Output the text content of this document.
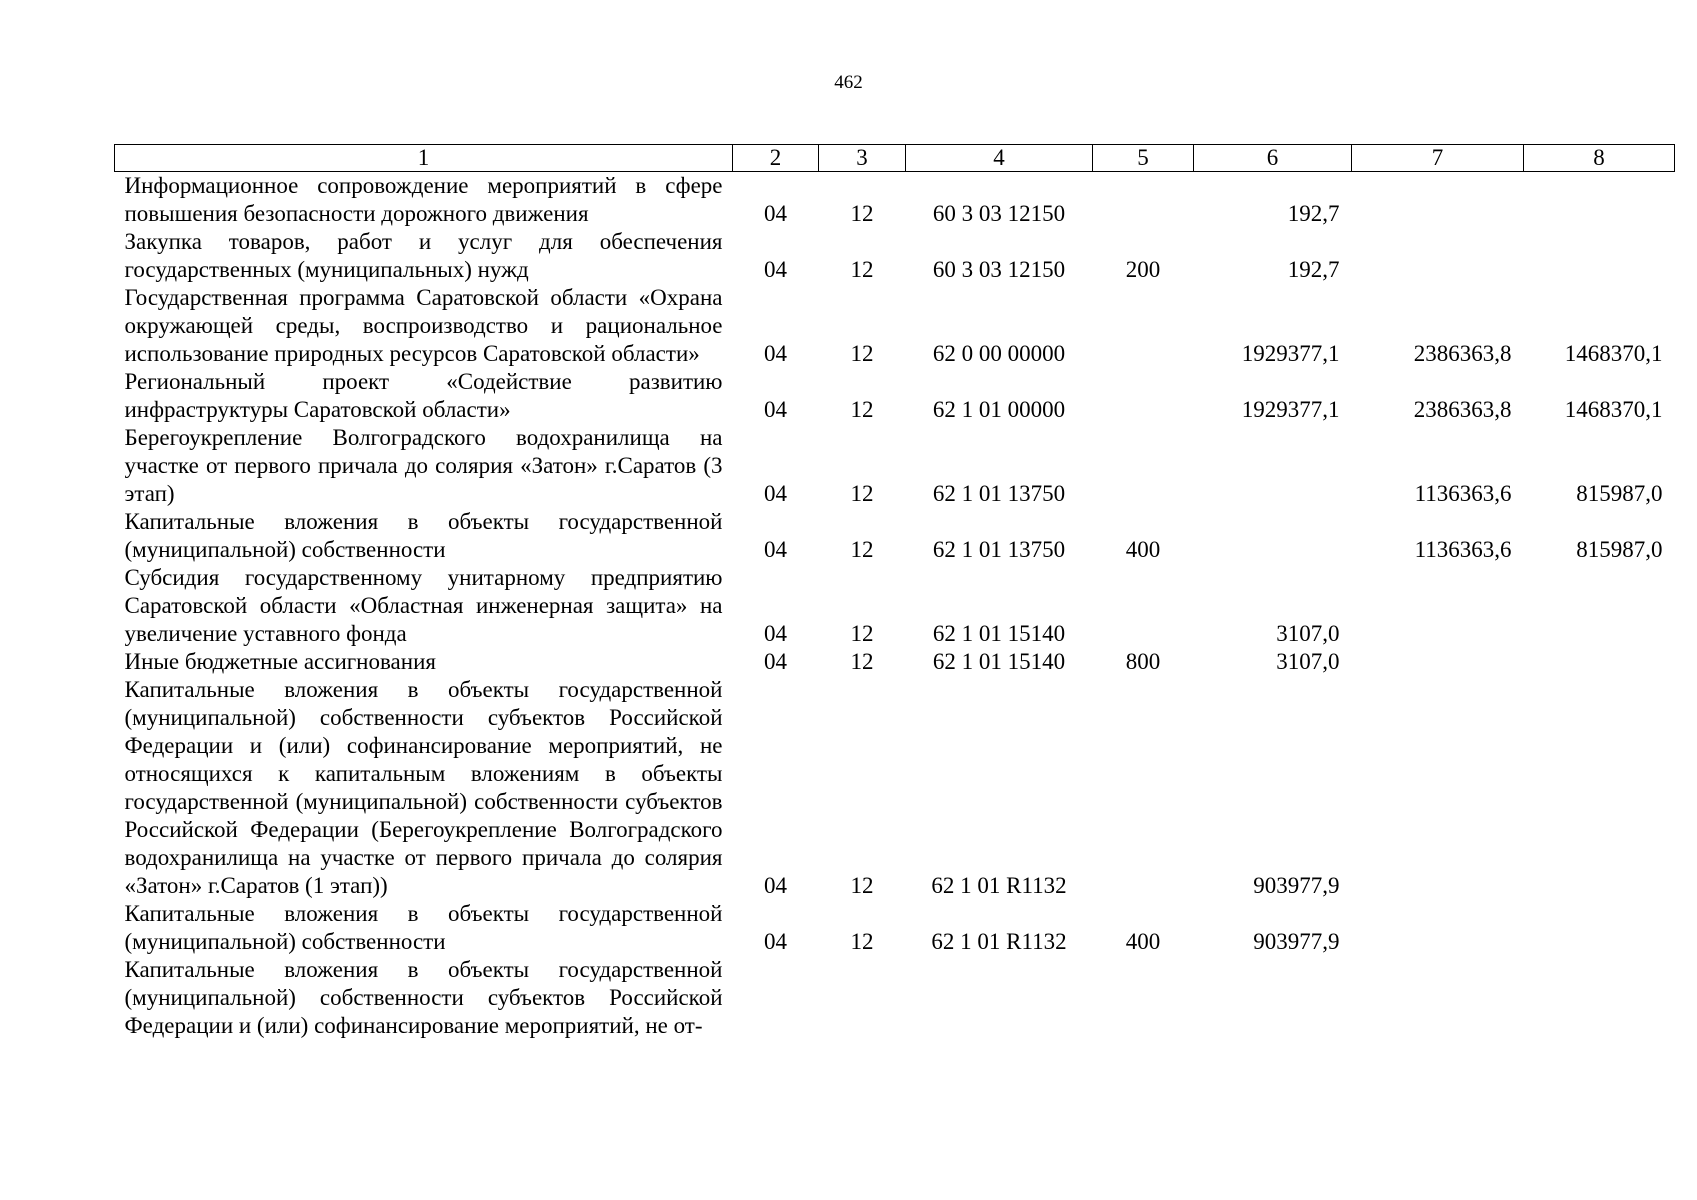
462
1	2	3	4	5	6	7	8
Информационное сопровождение мероприятий в сфере повышения безопасности дорожного движения	04	12	60 3 03 12150		192,7		
Закупка товаров, работ и услуг для обеспечения государственных (муниципальных) нужд	04	12	60 3 03 12150	200	192,7		
Государственная программа Саратовской области «Охрана окружающей среды, воспроизводство и рациональное использование природных ресурсов Саратовской области»	04	12	62 0 00 00000		1929377,1	2386363,8	1468370,1
Региональный проект «Содействие развитию инфраструктуры Саратовской области»	04	12	62 1 01 00000		1929377,1	2386363,8	1468370,1
Берегоукрепление Волгоградского водохранилища на участке от первого причала до солярия «Затон» г.Саратов (3 этап)	04	12	62 1 01 13750			1136363,6	815987,0
Капитальные вложения в объекты государственной (муниципальной) собственности	04	12	62 1 01 13750	400		1136363,6	815987,0
Субсидия государственному унитарному предприятию Саратовской области «Областная инженерная защита» на увеличение уставного фонда	04	12	62 1 01 15140		3107,0		
Иные бюджетные ассигнования	04	12	62 1 01 15140	800	3107,0		
Капитальные вложения в объекты государственной (муниципальной) собственности субъектов Российской Федерации и (или) софинансирование мероприятий, не относящихся к капитальным вложениям в объекты государственной (муниципальной) собственности субъектов Российской Федерации (Берегоукрепление Волгоградского водохранилища на участке от первого причала до солярия «Затон» г.Саратов (1 этап))	04	12	62 1 01 R1132		903977,9		
Капитальные вложения в объекты государственной (муниципальной) собственности	04	12	62 1 01 R1132	400	903977,9		
Капитальные вложения в объекты государственной (муниципальной) собственности субъектов Российской Федерации и (или) софинансирование мероприятий, не от-							
